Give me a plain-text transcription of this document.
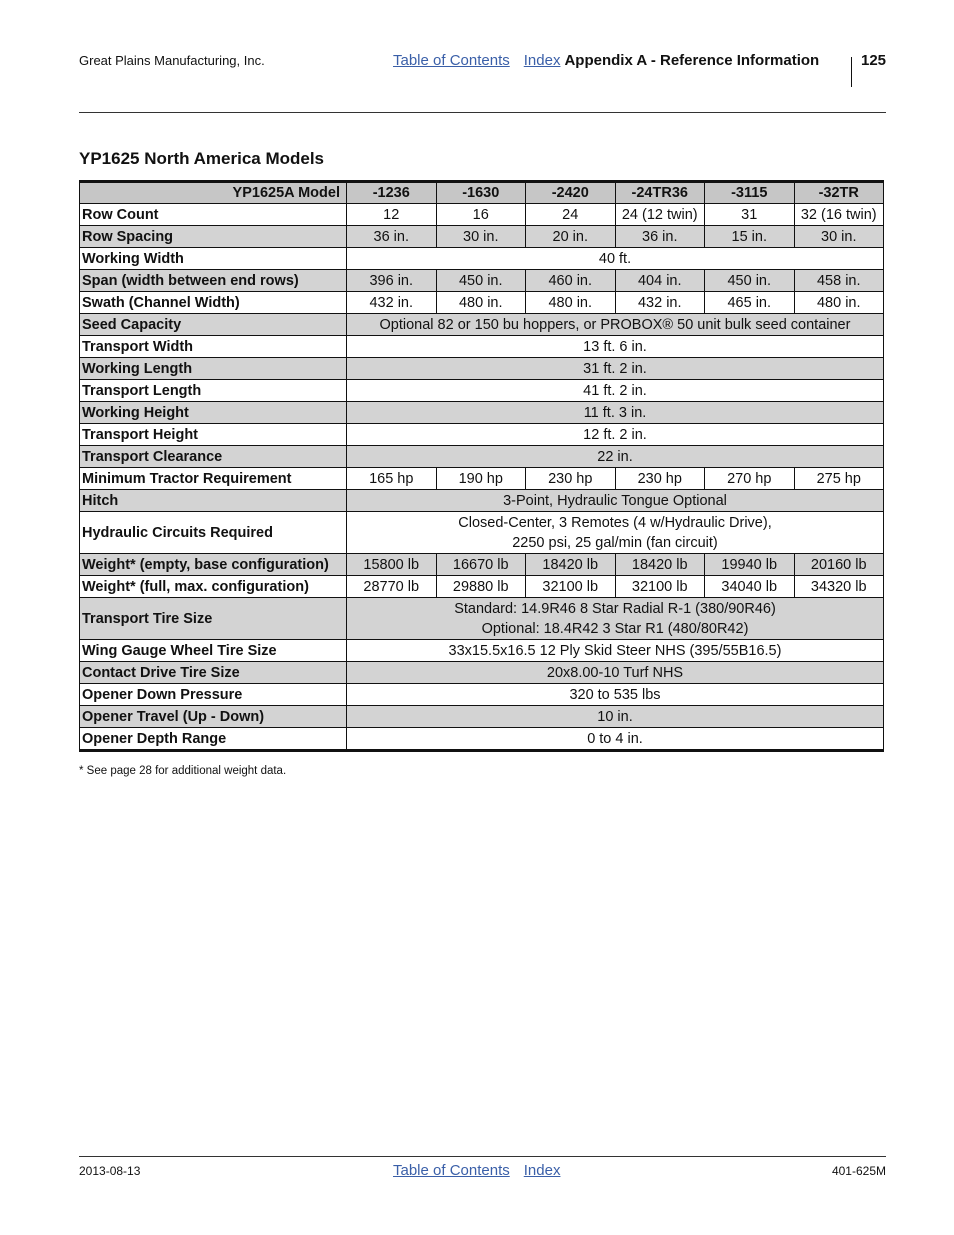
Great Plains Manufacturing, Inc.	Table of Contents Index Appendix A - Reference Information	125
YP1625 North America Models
YP1625A Model	-1236	-1630	-2420	-24TR36	-3115	-32TR
Row Count	12	16	24	24 (12 twin)	31	32 (16 twin)
Row Spacing	36 in.	30 in.	20 in.	36 in.	15 in.	30 in.
Working Width	40 ft.					
Span (width between end rows)	396 in.	450 in.	460 in.	404 in.	450 in.	458 in.
Swath (Channel Width)	432 in.	480 in.	480 in.	432 in.	465 in.	480 in.
Seed Capacity	Optional 82 or 150 bu hoppers, or PROBOX® 50 unit bulk seed container					
Transport Width	13 ft. 6 in.					
Working Length	31 ft. 2 in.					
Transport Length	41 ft. 2 in.					
Working Height	11 ft. 3 in.					
Transport Height	12 ft. 2 in.					
Transport Clearance	22 in.					
Minimum Tractor Requirement	165 hp	190 hp	230 hp	230 hp	270 hp	275 hp
Hitch	3-Point, Hydraulic Tongue Optional					
Hydraulic Circuits Required	Closed-Center, 3 Remotes (4 w/Hydraulic Drive),
2250 psi, 25 gal/min (fan circuit)					

Weight* (empty, base configuration)	15800 lb	16670 lb	18420 lb	18420 lb	19940 lb	20160 lb
Weight* (full, max. configuration)	28770 lb	29880 lb	32100 lb	32100 lb	34040 lb	34320 lb
Transport Tire Size	Standard: 14.9R46 8 Star Radial R-1 (380/90R46)
Optional: 18.4R42 3 Star R1 (480/80R42)					

Wing Gauge Wheel Tire Size	33x15.5x16.5 12 Ply Skid Steer NHS (395/55B16.5)					
Contact Drive Tire Size	20x8.00-10 Turf NHS					
Opener Down Pressure	320 to 535 lbs					
Opener Travel (Up - Down)	10 in.					
Opener Depth Range	0 to 4 in.					
* See page 28 for additional weight data.
2013-08-13	Table of Contents Index	401-625M
